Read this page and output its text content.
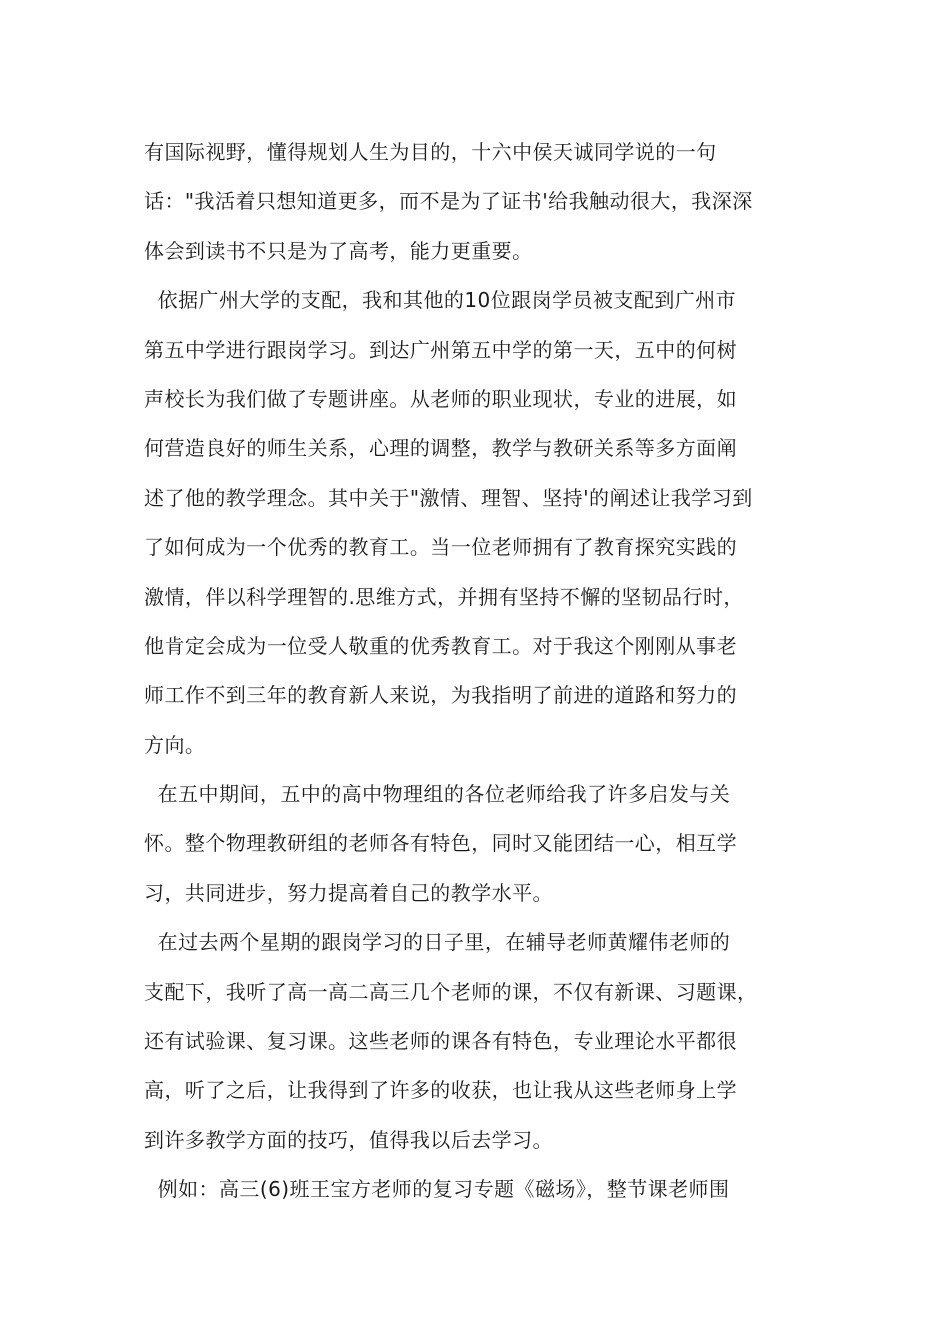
有国际视野，懂得规划人生为目的，十六中侯天诚同学说的一句
话："我活着只想知道更多，而不是为了证书'给我触动很大，我深深
体会到读书不只是为了高考，能力更重要。
依据广州大学的支配，我和其他的10位跟岗学员被支配到广州市
第五中学进行跟岗学习。到达广州第五中学的第一天，五中的何树
声校长为我们做了专题讲座。从老师的职业现状，专业的进展，如
何营造良好的师生关系，心理的调整，教学与教研关系等多方面阐
述了他的教学理念。其中关于"激情、理智、坚持'的阐述让我学习到
了如何成为一个优秀的教育工。当一位老师拥有了教育探究实践的
激情，伴以科学理智的.思维方式，并拥有坚持不懈的坚韧品行时，
他肯定会成为一位受人敬重的优秀教育工。对于我这个刚刚从事老
师工作不到三年的教育新人来说，为我指明了前进的道路和努力的
方向。
在五中期间，五中的高中物理组的各位老师给我了许多启发与关
怀。整个物理教研组的老师各有特色，同时又能团结一心，相互学
习，共同进步，努力提高着自己的教学水平。
在过去两个星期的跟岗学习的日子里，在辅导老师黄耀伟老师的
支配下，我听了高一高二高三几个老师的课，不仅有新课、习题课，
还有试验课、复习课。这些老师的课各有特色，专业理论水平都很
高，听了之后，让我得到了许多的收获，也让我从这些老师身上学
到许多教学方面的技巧，值得我以后去学习。
例如：高三(6)班王宝方老师的复习专题《磁场》，整节课老师围
